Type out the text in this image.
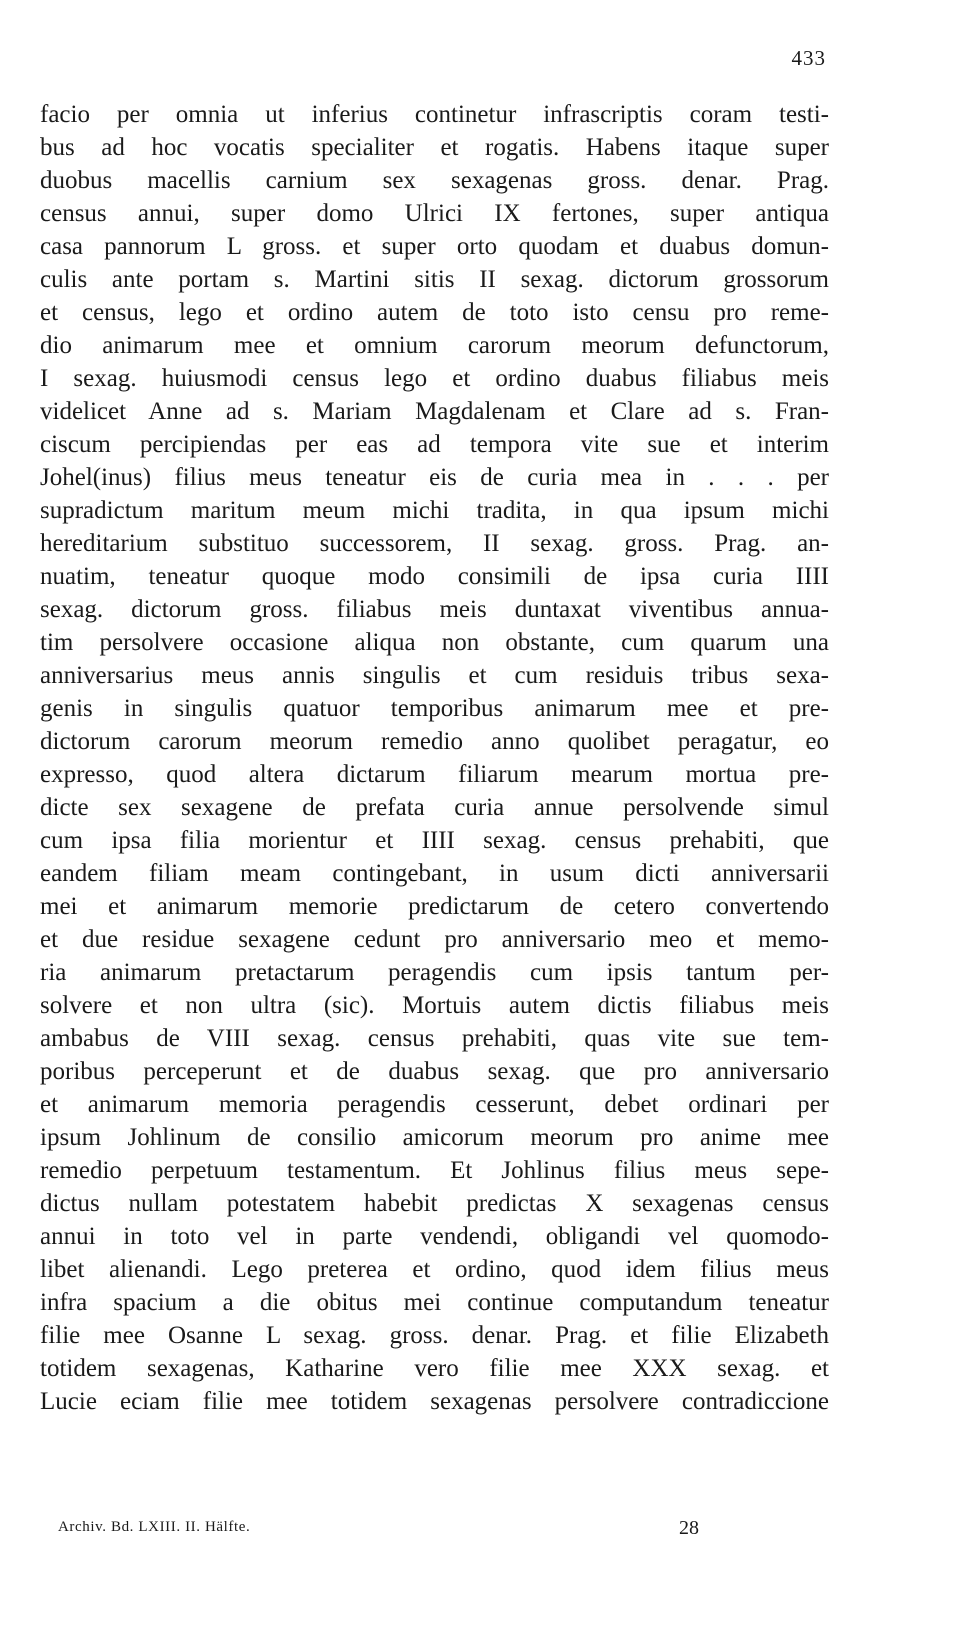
433
facio per omnia ut inferius continetur infrascriptis coram testi-
bus ad hoc vocatis specialiter et rogatis. Habens itaque super
duobus macellis carnium sex sexagenas gross. denar. Prag.
census annui, super domo Ulrici IX fertones, super antiqua
casa pannorum L gross. et super orto quodam et duabus domun-
culis ante portam s. Martini sitis II sexag. dictorum grossorum
et census, lego et ordino autem de toto isto censu pro reme-
dio animarum mee et omnium carorum meorum defunctorum,
I sexag. huiusmodi census lego et ordino duabus filiabus meis
videlicet Anne ad s. Mariam Magdalenam et Clare ad s. Fran-
ciscum percipiendas per eas ad tempora vite sue et interim
Johel(inus) filius meus teneatur eis de curia mea in . . . per
supradictum maritum meum michi tradita, in qua ipsum michi
hereditarium substituo successorem, II sexag. gross. Prag. an-
nuatim, teneatur quoque modo consimili de ipsa curia IIII
sexag. dictorum gross. filiabus meis duntaxat viventibus annua-
tim persolvere occasione aliqua non obstante, cum quarum una
anniversarius meus annis singulis et cum residuis tribus sexa-
genis in singulis quatuor temporibus animarum mee et pre-
dictorum carorum meorum remedio anno quolibet peragatur, eo
expresso, quod altera dictarum filiarum mearum mortua pre-
dicte sex sexagene de prefata curia annue persolvende simul
cum ipsa filia morientur et IIII sexag. census prehabiti, que
eandem filiam meam contingebant, in usum dicti anniversarii
mei et animarum memorie predictarum de cetero convertendo
et due residue sexagene cedunt pro anniversario meo et memo-
ria animarum pretactarum peragendis cum ipsis tantum per-
solvere et non ultra (sic). Mortuis autem dictis filiabus meis
ambabus de VIII sexag. census prehabiti, quas vite sue tem-
poribus perceperunt et de duabus sexag. que pro anniversario
et animarum memoria peragendis cesserunt, debet ordinari per
ipsum Johlinum de consilio amicorum meorum pro anime mee
remedio perpetuum testamentum. Et Johlinus filius meus sepe-
dictus nullam potestatem habebit predictas X sexagenas census
annui in toto vel in parte vendendi, obligandi vel quomodo-
libet alienandi. Lego preterea et ordino, quod idem filius meus
infra spacium a die obitus mei continue computandum teneatur
filie mee Osanne L sexag. gross. denar. Prag. et filie Elizabeth
totidem sexagenas, Katharine vero filie mee XXX sexag. et
Lucie eciam filie mee totidem sexagenas persolvere contradiccione
Archiv. Bd. LXIII. II. Hälfte.	28
